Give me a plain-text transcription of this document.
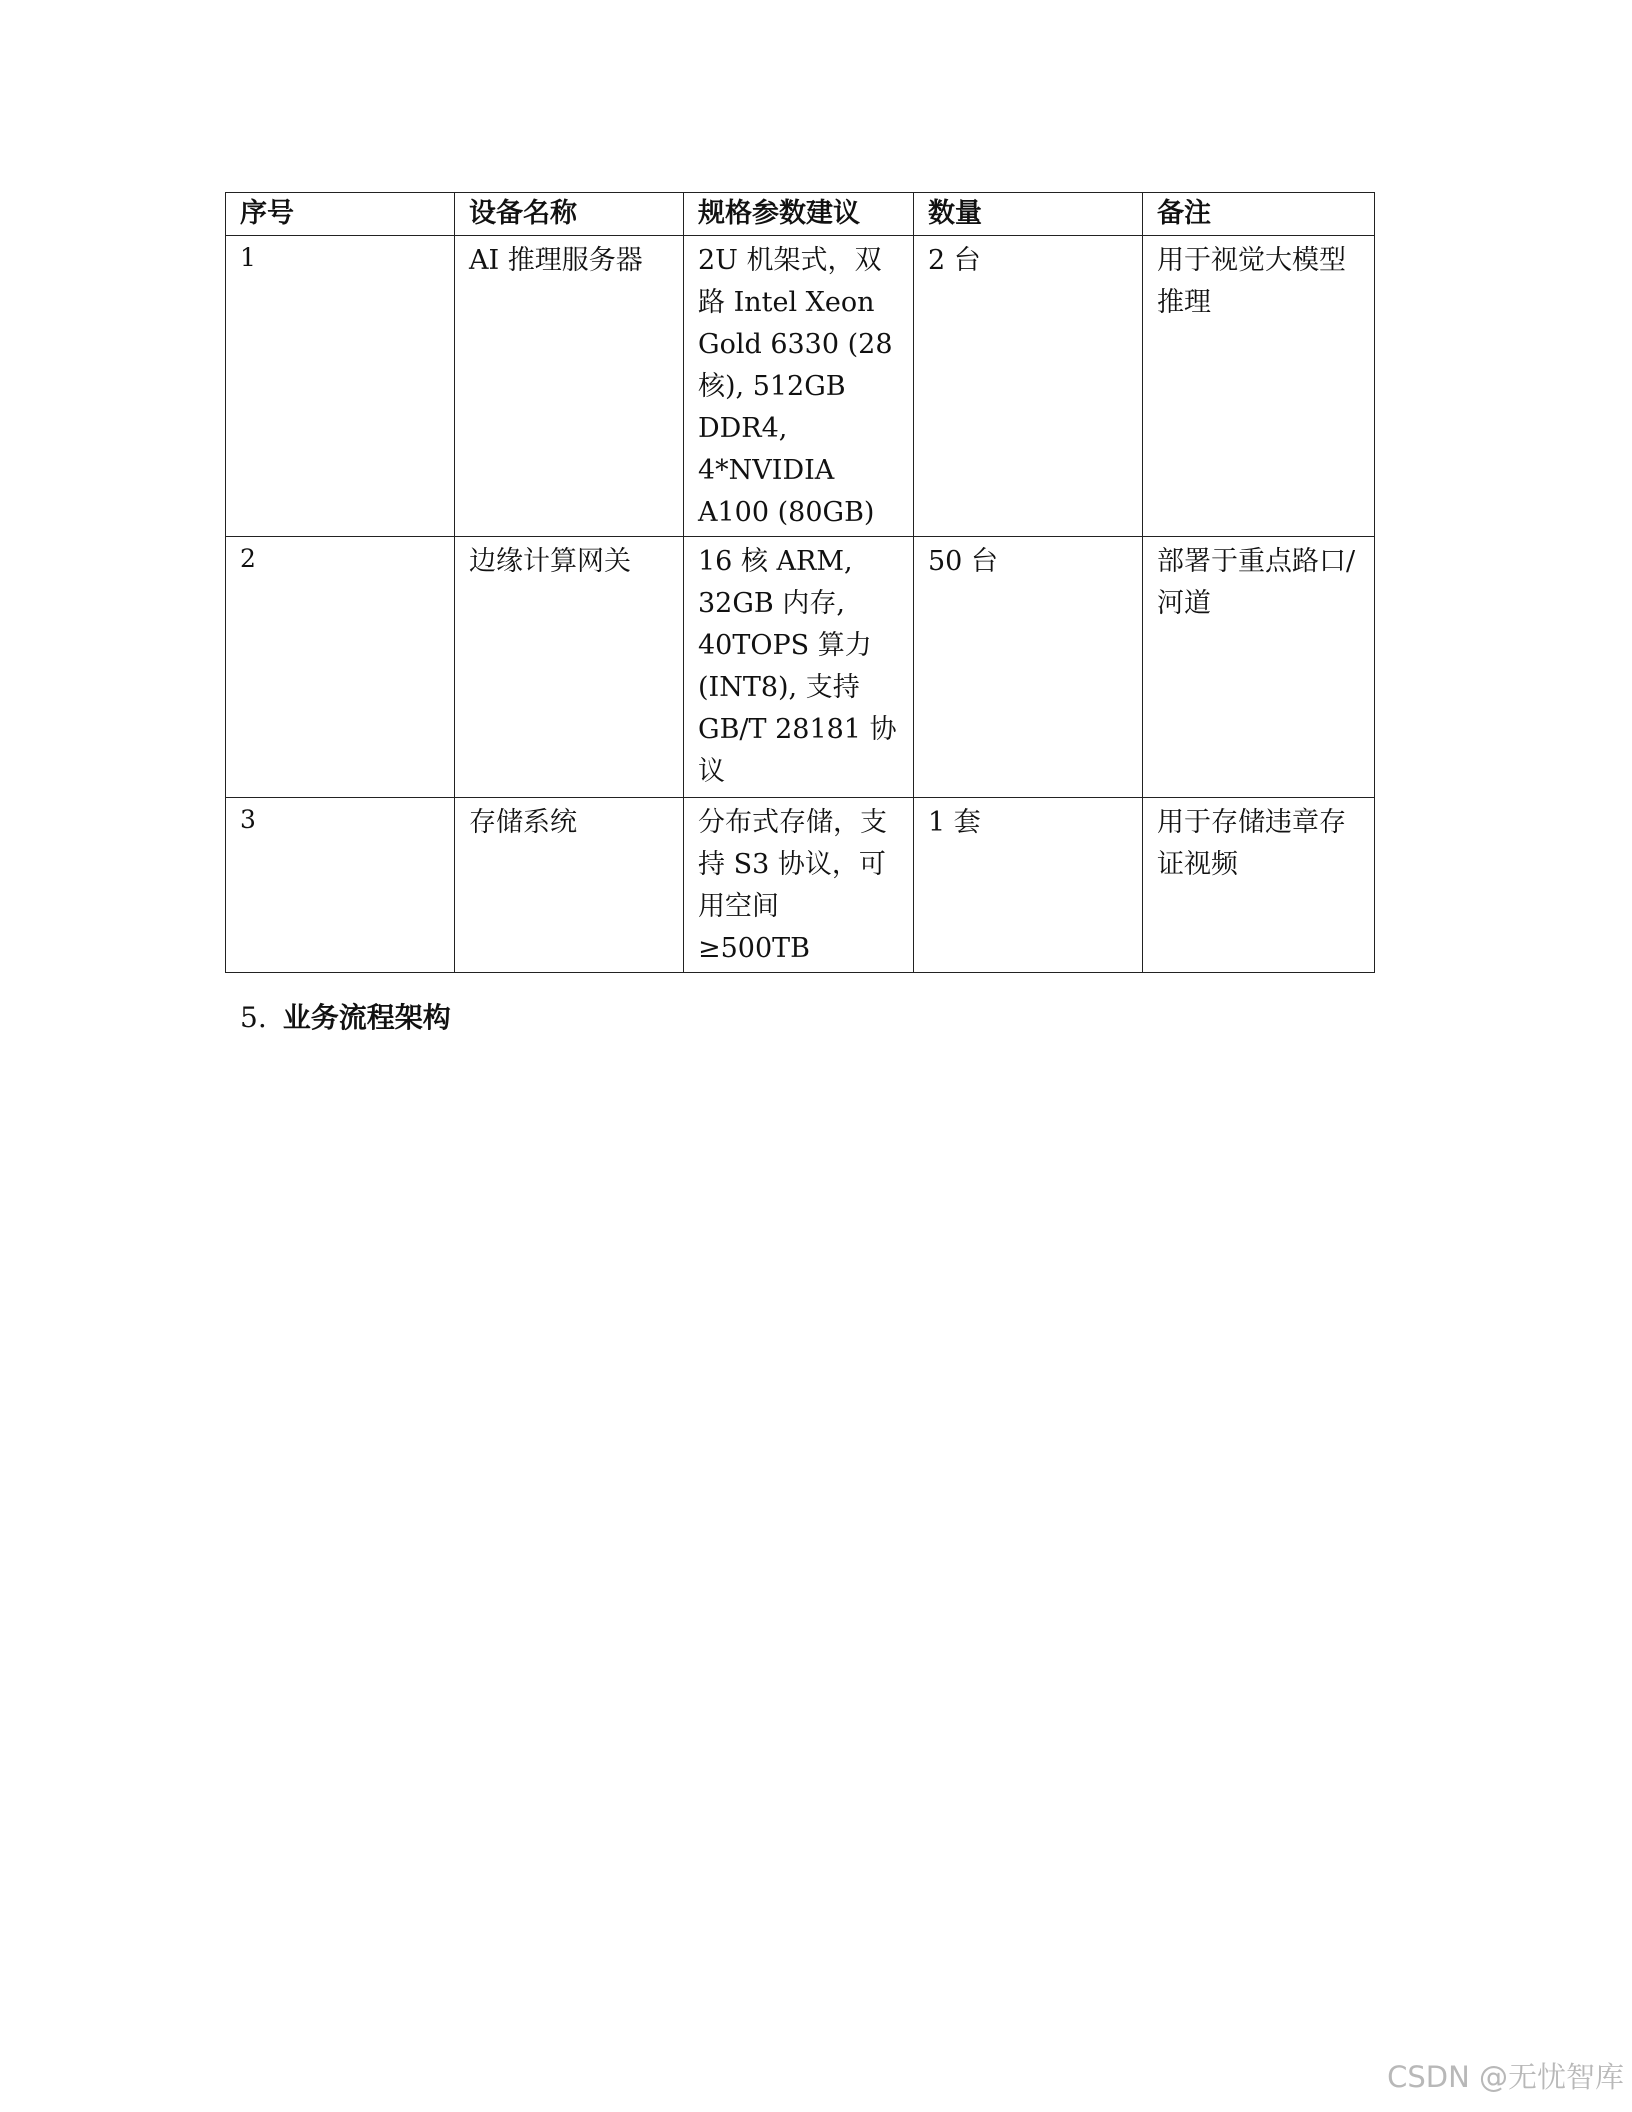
序号	设备名称	规格参数建议	数量	备注
1	AI 推理服务器	2U 机架式，双路 Intel Xeon Gold 6330 (28 核), 512GB DDR4, 4*NVIDIA A100 (80GB)	2 台	用于视觉大模型推理
2	边缘计算网关	16 核 ARM, 32GB 内存, 40TOPS 算力 (INT8), 支持 GB/T 28181 协议	50 台	部署于重点路口/河道
3	存储系统	分布式存储，支持 S3 协议，可用空间 ≥500TB	1 套	用于存储违章存证视频
5. 业务流程架构
CSDN @无忧智库
